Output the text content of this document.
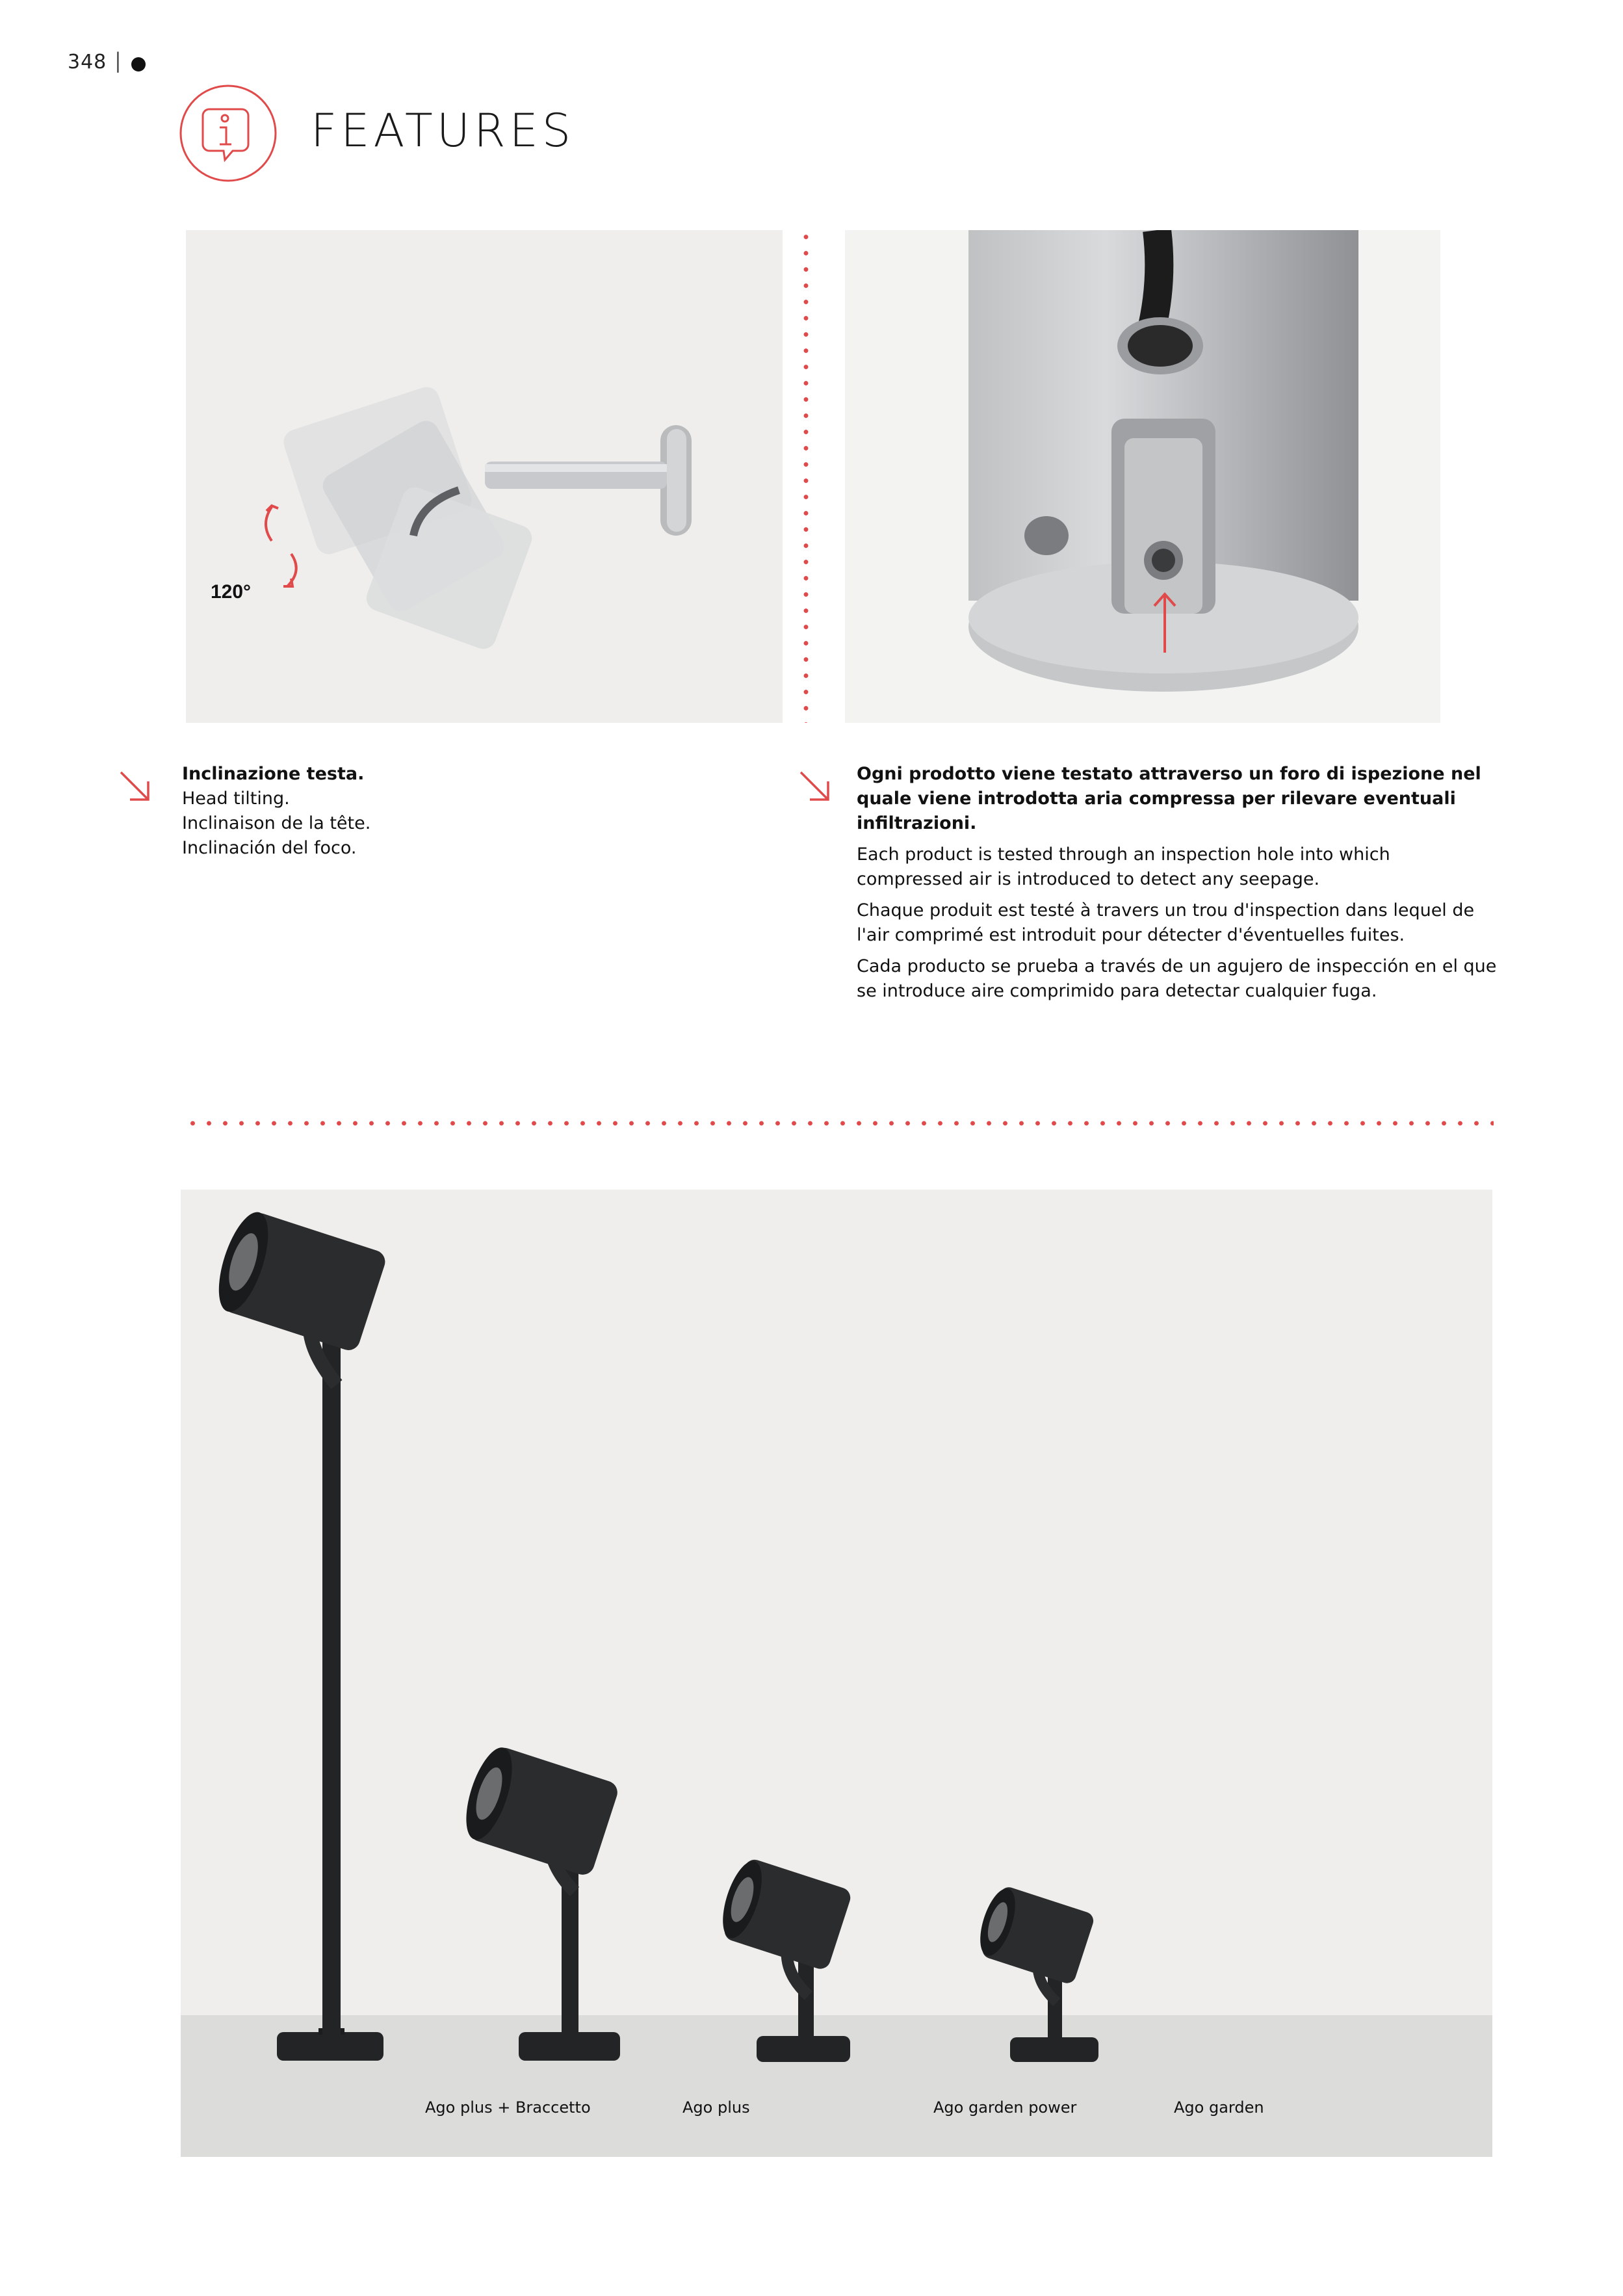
348 |
FEATURES
120°
Inclinazione testa.
Head tilting.
Inclinaison de la tête.
Inclinación del foco.

Ogni prodotto viene testato attraverso un foro di ispezione nel quale viene introdotta aria compressa per rilevare eventuali infiltrazioni.

Each product is tested through an inspection hole into which compressed air is introduced to detect any seepage.

Chaque produit est testé à travers un trou d'inspection dans lequel de l'air comprimé est introduit pour détecter d'éventuelles fuites.

Cada producto se prueba a través de un agujero de inspección en el que se introduce aire comprimido para detectar cualquier fuga.

Ago plus + Braccetto	Ago plus	Ago garden power	Ago garden
